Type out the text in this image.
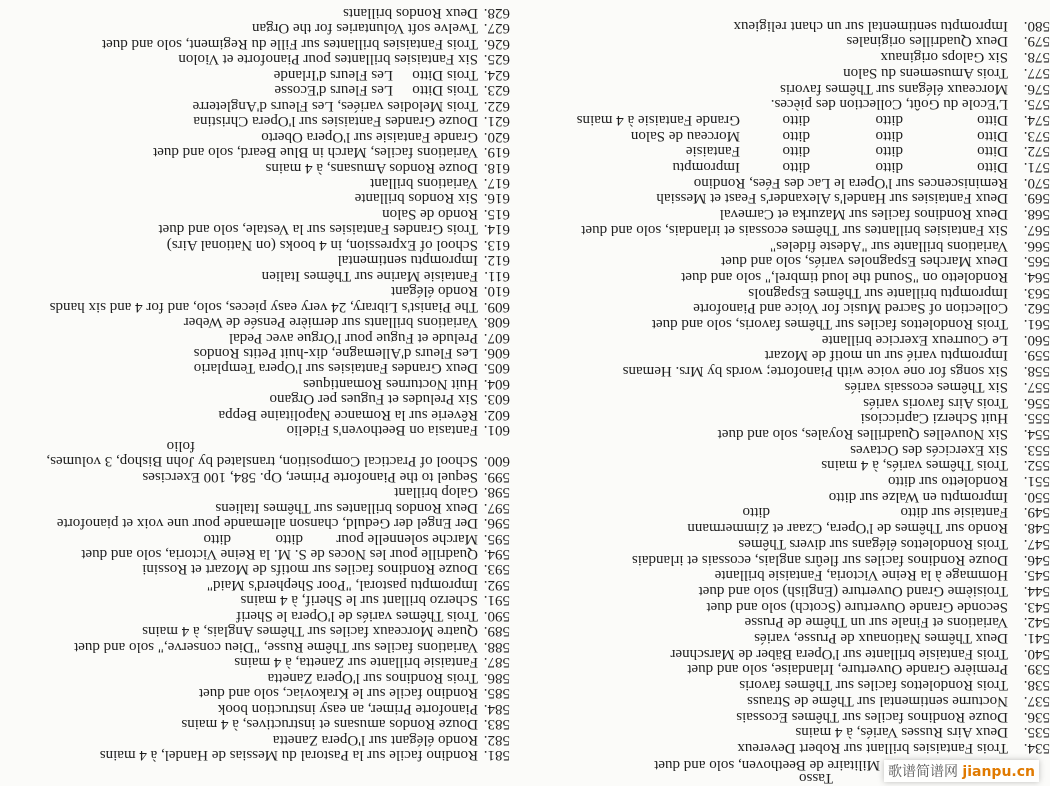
Tasso
Militaire de Beethoven, solo and duet
534.
Trois Fantaisies brillant sur Robert Devereux
535.
Deux Airs Russes Variés, à 4 mains
536.
Douze Rondinos faciles sur Thêmes Ecossais
537.
Nocturne sentimental sur Thême de Strauss
538.
Trois Rondolettos faciles sur Thêmes favoris
539.
Première Grande Ouverture, Irlandaise, solo and duet
540.
Trois Fantaisie brillante sur l'Opera Bäber de Marschner
541.
Deux Thêmes Nationaux de Prusse, variés
542.
Variations et Finale sur un Thême de Prusse
543.
Seconde Grande Ouverture (Scotch) solo and duet
544.
Troisième Grand Ouverture (English) solo and duet
545.
Hommage à la Reine Victoria, Fantaisie brillante
546.
Douze Rondinos faciles sur fleûrs anglais, ecossais et irlandais
547.
Trois Rondolettos élégans sur divers Thêmes
548.
Rondo sur Thêmes de l'Opera, Czaar et Zimmermann
549.
Fantaisie sur ditto
ditto
550.
Impromptu en Walze sur ditto
551.
Rondoletto sur ditto
552.
Trois Thêmes variés, à 4 mains
553.
Six Exercicés des Octaves
554.
Six Nouvelles Quadrilles Royales, solo and duet
555.
Huit Scherzi Capricciosi
556.
Trois Airs favoris variés
557.
Six Thêmes ecossais variés
558.
Six songs for one voice with Pianoforte; words by Mrs. Hemans
559.
Impromptu varié sur un motif de Mozart
560.
Le Courreux Exercice brillante
561.
Trois Rondolettos faciles sur Thêmes favoris, solo and duet
562.
Collection of Sacred Music for Voice and Pianoforte
563.
Impromptu brillante sur Thêmes Espagnols
564.
Rondoletto on "Sound the loud timbrel," solo and duet
565.
Deux Marches Espagnoles variés, solo and duet
566.
Variations brillante sur "Adeste fideles"
567.
Six Fantaisies brillantes sur Thêmes ecossais et irlandais, solo and duet
568.
Deux Rondinos faciles sur Mazurka et Carneval
569.
Deux Fantaisies sur Handel's Alexander's Feast et Messiah
570.
Reminiscences sur l'Opera le Lac des Fées, Rondino
571.
Ditto
ditto
ditto
Impromptu
572.
Ditto
ditto
ditto
Fantaisie
573.
Ditto
ditto
ditto
Morceau de Salon
574.
Ditto
ditto
ditto
Grande Fantaisie à 4 mains
575.
L'Ecole du Goût, Collection des pièces.
576.
Morceaux élégans sur Thêmes favoris
577.
Trois Amusemens du Salon
578.
Six Galops originaux
579.
Deux Quadrilles originales
580.
Impromptu sentimental sur un chant religieux
581.
Rondino facile sur la Pastoral du Messias de Handel, à 4 mains
582.
Rondo élégant sur l'Opera Zanetta
583.
Douze Rondos amusans et instructives, à 4 mains
584.
Pianoforte Primer, an easy instruction book
585.
Rondino facile sur le Krakoviac, solo and duet
586.
Trois Rondinos sur l'Opera Zanetta
587.
Fantaisie brillante sur Zanetta, à 4 mains
588.
Variations faciles sur Thême Russe, "Dieu conserve," solo and duet
589.
Quatre Morceaux faciles sur Thêmes Anglais, à 4 mains
590.
Trois Thêmes variés de l'Opera le Sherif
591.
Scherzo brillant sur le Sherif, à 4 mains
592.
Impromptu pastoral, "Poor Shepherd's Maid"
593.
Douze Rondinos faciles sur motifs de Mozart et Rossini
594.
Quadrille pour les Noces de S. M. la Reine Victoria, solo and duet
595.
Marche solennelle pour
ditto
ditto
596.
Der Engel der Geduld, chanson allemande pour une voix et pianoforte
597.
Deux Rondos brillantes sur Thêmes Italiens
598.
Galop brillant
599.
Sequel to the Pianoforte Primer, Op. 584, 100 Exercises
600.
School of Practical Composition, translated by John Bishop, 3 volumes,
folio
601.
Fantasia on Beethoven's Fidelio
602.
Rêverie sur la Romance Napolitaine Beppa
603.
Six Preludes et Fugues per Organo
604.
Huit Nocturnes Romantiques
605.
Deux Grandes Fantaisies sur l'Opera Templario
606.
Les Fleurs d'Allemagne, dix-huit Petits Rondos
607.
Prelude et Fugue pour l'Orgue avec Pedal
608.
Variations brillants sur dernière Pensée de Weber
609.
The Pianist's Library, 24 very easy pieces, solo, and for 4 and six hands
610.
Rondo élégant
611.
Fantaisie Marine sur Thêmes Italien
612.
Impromptu sentimental
613.
School of Expression, in 4 books (on National Airs)
614.
Trois Grandes Fantaisies sur la Vestale, solo and duet
615.
Rondo de Salon
616.
Six Rondos brillante
617.
Variations brillant
618.
Douze Rondos Amusans, à 4 mains
619.
Variations faciles, March in Blue Beard, solo and duet
620.
Grande Fantaisie sur l'Opera Oberto
621.
Douze Grandes Fantaisies sur l'Opera Christina
622.
Trois Melodies variées, Les Fleurs d'Angleterre
623.
Trois Ditto
Les Fleurs d'Ecosse
624.
Trois Ditto
Les Fleurs d'Irlande
625.
Six Fantaisies brillantes pour Pianoforte et Violon
626.
Trois Fantaisies brillantes sur Fille du Regiment, solo and duet
627.
Twelve soft Voluntaries for the Organ
628.
Deux Rondos brillants
歌谱简谱网 jianpu.cn
